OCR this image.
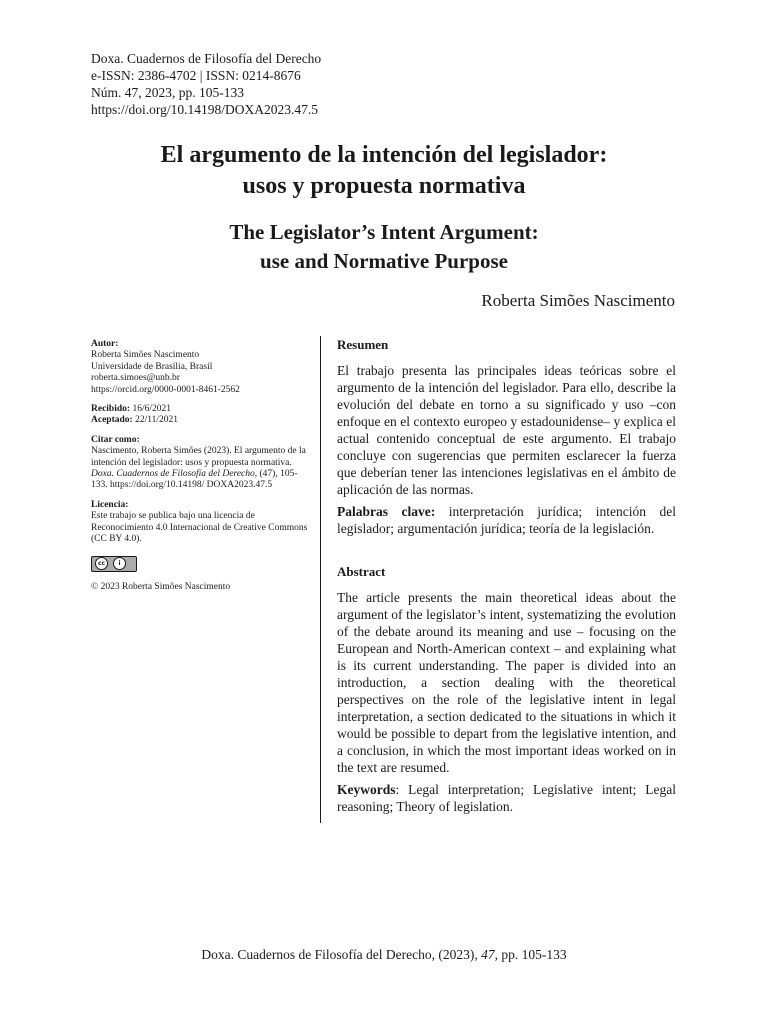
Doxa. Cuadernos de Filosofía del Derecho
e-ISSN: 2386-4702 | ISSN: 0214-8676
Núm. 47, 2023, pp. 105-133
https://doi.org/10.14198/DOXA2023.47.5
El argumento de la intención del legislador:
usos y propuesta normativa
The Legislator’s Intent Argument:
use and Normative Purpose
Roberta Simões Nascimento
Autor:
Roberta Simões Nascimento
Universidade de Brasília, Brasil
roberta.simoes@unb.br
https://orcid.org/0000-0001-8461-2562
Recibido: 16/6/2021
Aceptado: 22/11/2021
Citar como:
Nascimento, Roberta Simões (2023). El argumento de la intención del legislador: usos y propuesta normativa. Doxa. Cuadernos de Filosofía del Derecho, (47), 105-133. https://doi.org/10.14198/ DOXA2023.47.5
Licencia:
Este trabajo se publica bajo una licencia de Reconocimiento 4.0 Internacional de Creative Commons (CC BY 4.0).
cc	i
© 2023 Roberta Simões Nascimento
Resumen
El trabajo presenta las principales ideas teóricas sobre el argumento de la intención del legislador. Para ello, describe la evolución del debate en torno a su significado y uso –con enfoque en el contexto europeo y estadounidense– y explica el actual contenido conceptual de este argumento. El trabajo concluye con sugerencias que permiten esclarecer la fuerza que deberían tener las intenciones legislativas en el ámbito de aplicación de las normas.
Palabras clave: interpretación jurídica; intención del legislador; argumentación jurídica; teoría de la legislación.
Abstract
The article presents the main theoretical ideas about the argument of the legislator’s intent, systematizing the evolution of the debate around its meaning and use – focusing on the European and North-American context – and explaining what is its current understanding. The paper is divided into an introduction, a section dealing with the theoretical perspectives on the role of the legislative intent in legal interpretation, a section dedicated to the situations in which it would be possible to depart from the legislative intention, and a conclusion, in which the most important ideas worked on in the text are resumed.
Keywords: Legal interpretation; Legislative intent; Legal reasoning; Theory of legislation.
Doxa. Cuadernos de Filosofía del Derecho, (2023), 47, pp. 105-133
